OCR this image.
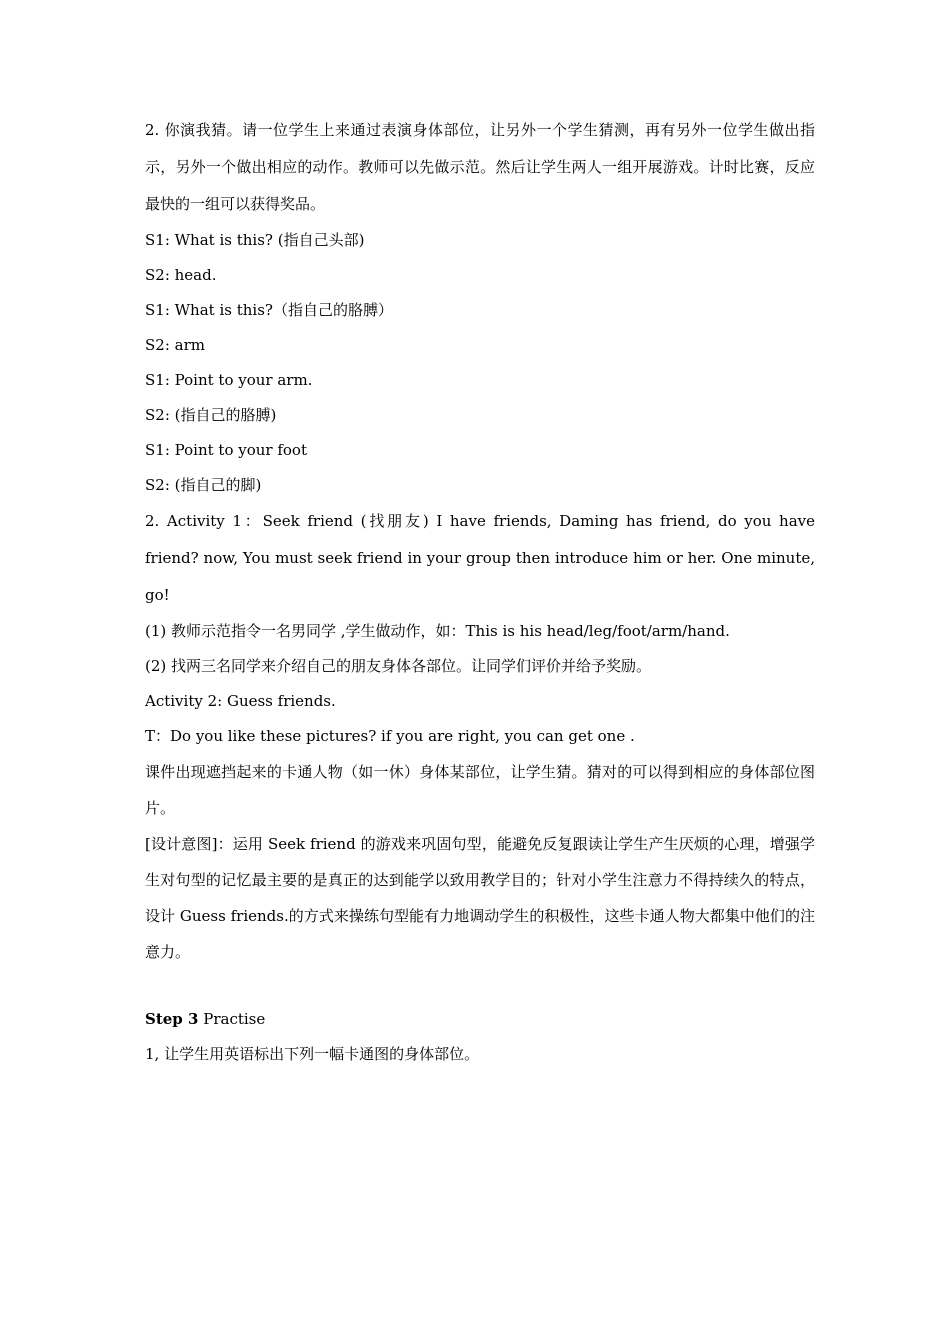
2. 你演我猜。请一位学生上来通过表演身体部位，让另外一个学生猜测，再有另外一位学生做出指示，另外一个做出相应的动作。教师可以先做示范。然后让学生两人一组开展游戏。计时比赛，反应最快的一组可以获得奖品。
S1: What is this? (指自己头部)
S2: head.
S1: What is this?（指自己的胳膊）
S2: arm
S1: Point to your arm.
S2: (指自己的胳膊)
S1: Point to your foot
S2: (指自己的脚)
2. Activity 1：Seek friend (找朋友) I have friends, Daming has friend, do you have friend? now, You must seek friend in your group then introduce him or her. One minute, go!
(1) 教师示范指令一名男同学 ,学生做动作，如：This is his head/leg/foot/arm/hand.
(2) 找两三名同学来介绍自己的朋友身体各部位。让同学们评价并给予奖励。
Activity 2: Guess friends.
T：Do you like these pictures? if you are right, you can get one .
课件出现遮挡起来的卡通人物（如一休）身体某部位，让学生猜。猜对的可以得到相应的身体部位图片。
[设计意图]：运用 Seek friend 的游戏来巩固句型，能避免反复跟读让学生产生厌烦的心理，增强学生对句型的记忆最主要的是真正的达到能学以致用教学目的；针对小学生注意力不得持续久的特点，设计 Guess friends.的方式来操练句型能有力地调动学生的积极性，这些卡通人物大都集中他们的注意力。
Step 3 Practise
1, 让学生用英语标出下列一幅卡通图的身体部位。
